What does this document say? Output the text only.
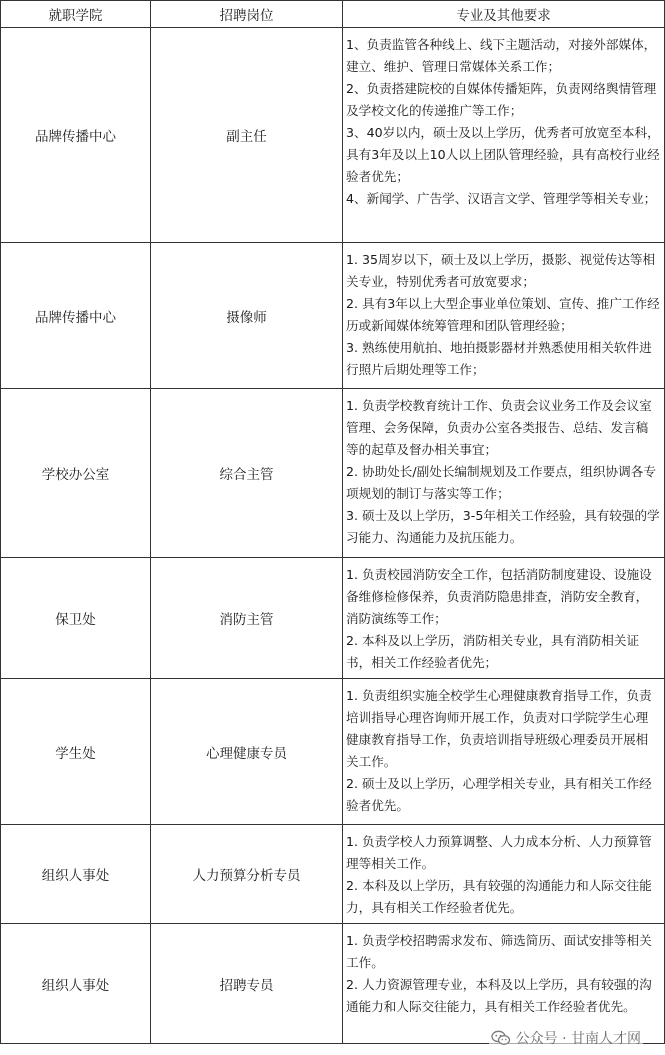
就职学院	招聘岗位	专业及其他要求
品牌传播中心	副主任	1、负责监管各种线上、线下主题活动，对接外部媒体，建立、维护、管理日常媒体关系工作；
2、负责搭建院校的自媒体传播矩阵，负责网络舆情管理及学校文化的传递推广等工作；
3、40岁以内，硕士及以上学历，优秀者可放宽至本科，具有3年及以上10人以上团队管理经验，具有高校行业经验者优先；
4、新闻学、广告学、汉语言文学、管理学等相关专业；

品牌传播中心	摄像师	1. 35周岁以下，硕士及以上学历，摄影、视觉传达等相关专业，特别优秀者可放宽要求；
2. 具有3年以上大型企事业单位策划、宣传、推广工作经历或新闻媒体统筹管理和团队管理经验；
3. 熟练使用航拍、地拍摄影器材并熟悉使用相关软件进行照片后期处理等工作；

学校办公室	综合主管	1. 负责学校教育统计工作、负责会议业务工作及会议室管理、会务保障，负责办公室各类报告、总结、发言稿等的起草及督办相关事宜；
2. 协助处长/副处长编制规划及工作要点，组织协调各专项规划的制订与落实等工作；
3. 硕士及以上学历，3-5年相关工作经验，具有较强的学习能力、沟通能力及抗压能力。

保卫处	消防主管	1. 负责校园消防安全工作，包括消防制度建设、设施设备维修检修保养，负责消防隐患排查，消防安全教育，消防演练等工作；
2. 本科及以上学历，消防相关专业，具有消防相关证书，相关工作经验者优先；

学生处	心理健康专员	1. 负责组织实施全校学生心理健康教育指导工作，负责培训指导心理咨询师开展工作，负责对口学院学生心理健康教育指导工作，负责培训指导班级心理委员开展相关工作。
2. 硕士及以上学历，心理学相关专业，具有相关工作经验者优先。

组织人事处	人力预算分析专员	1. 负责学校人力预算调整、人力成本分析、人力预算管理等相关工作。
2. 本科及以上学历，具有较强的沟通能力和人际交往能力，具有相关工作经验者优先。

组织人事处	招聘专员	1. 负责学校招聘需求发布、筛选简历、面试安排等相关工作。
2. 人力资源管理专业，本科及以上学历，具有较强的沟通能力和人际交往能力，具有相关工作经验者优先。
公众号 · 甘南人才网
